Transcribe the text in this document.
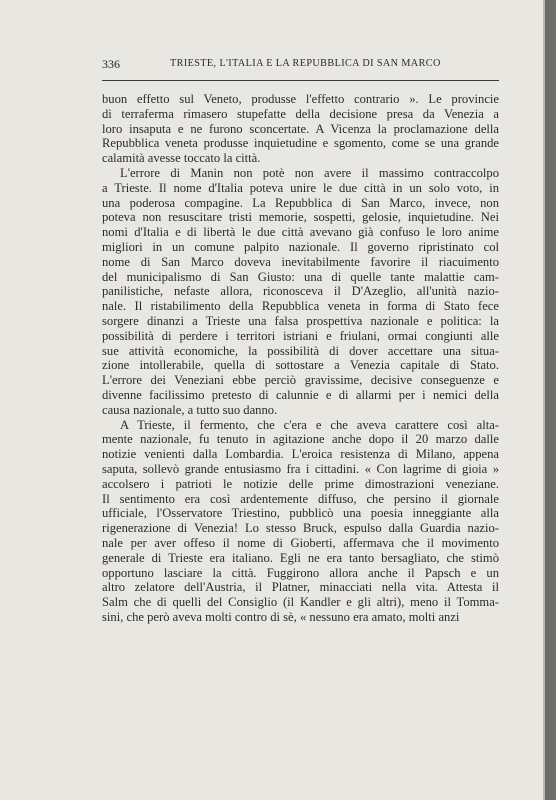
336	TRIESTE, L'ITALIA E LA REPUBBLICA DI SAN MARCO
buon effetto sul Veneto, produsse l'effetto contrario ». Le provincie
di terraferma rimasero stupefatte della decisione presa da Venezia a
loro insaputa e ne furono sconcertate. A Vicenza la proclamazione della
Repubblica veneta produsse inquietudine e sgomento, come se una grande
calamità avesse toccato la città.
L'errore di Manin non potè non avere il massimo contraccolpo
a Trieste. Il nome d'Italia poteva unire le due città in un solo voto, in
una poderosa compagine. La Repubblica di San Marco, invece, non
poteva non resuscitare tristi memorie, sospetti, gelosie, inquietudine. Nei
nomi d'Italia e di libertà le due città avevano già confuso le loro anime
migliori in un comune palpito nazionale. Il governo ripristinato col
nome di San Marco doveva inevitabilmente favorire il riacuimento
del municipalismo di San Giusto: una di quelle tante malattie cam-
panilistiche, nefaste allora, riconosceva il D'Azeglio, all'unità nazio-
nale. Il ristabilimento della Repubblica veneta in forma di Stato fece
sorgere dinanzi a Trieste una falsa prospettiva nazionale e politica: la
possibilità di perdere i territori istriani e friulani, ormai congiunti alle
sue attività economiche, la possibilità di dover accettare una situa-
zione intollerabile, quella di sottostare a Venezia capitale di Stato.
L'errore dei Veneziani ebbe perciò gravissime, decisive conseguenze e
divenne facilissimo pretesto di calunnie e di allarmi per i nemici della
causa nazionale, a tutto suo danno.
A Trieste, il fermento, che c'era e che aveva carattere così alta-
mente nazionale, fu tenuto in agitazione anche dopo il 20 marzo dalle
notizie venienti dalla Lombardia. L'eroica resistenza di Milano, appena
saputa, sollevò grande entusiasmo fra i cittadini. « Con lagrime di gioia »
accolsero i patrioti le notizie delle prime dimostrazioni veneziane.
Il sentimento era così ardentemente diffuso, che persino il giornale
ufficiale, l'Osservatore Triestino, pubblicò una poesia inneggiante alla
rigenerazione di Venezia! Lo stesso Bruck, espulso dalla Guardia nazio-
nale per aver offeso il nome di Gioberti, affermava che il movimento
generale di Trieste era italiano. Egli ne era tanto bersagliato, che stimò
opportuno lasciare la città. Fuggirono allora anche il Papsch e un
altro zelatore dell'Austria, il Platner, minacciati nella vita. Attesta il
Salm che di quelli del Consiglio (il Kandler e gli altri), meno il Tomma-
sini, che però aveva molti contro di sè, « nessuno era amato, molti anzi
